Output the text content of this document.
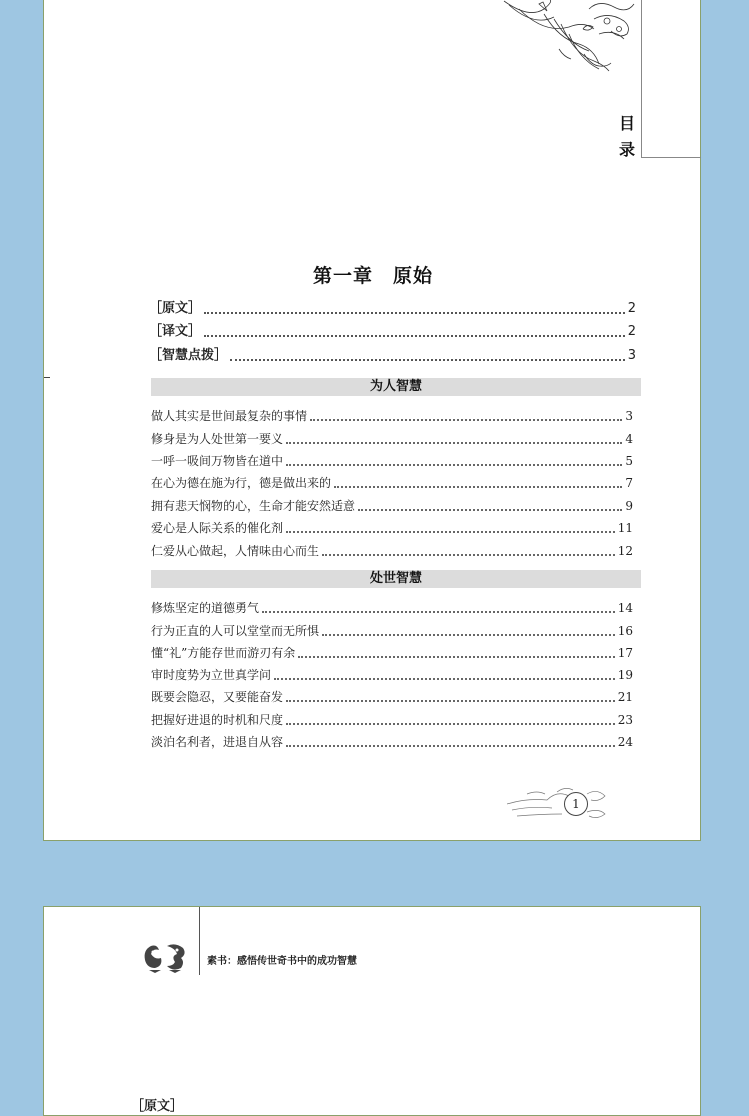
目
录
第一章　原始
［原文］	2
［译文］	2
［智慧点拨］	3
为人智慧
做人其实是世间最复杂的事情	3
修身是为人处世第一要义	4
一呼一吸间万物皆在道中	5
在心为德在施为行，德是做出来的	7
拥有悲天悯物的心，生命才能安然适意	9
爱心是人际关系的催化剂	11
仁爱从心做起，人情味由心而生	12
处世智慧
修炼坚定的道德勇气	14
行为正直的人可以堂堂而无所惧	16
懂“礼”方能存世而游刃有余	17
审时度势为立世真学问	19
既要会隐忍，又要能奋发	21
把握好进退的时机和尺度	23
淡泊名利者，进退自从容	24
1
素书：感悟传世奇书中的成功智慧
［原文］
